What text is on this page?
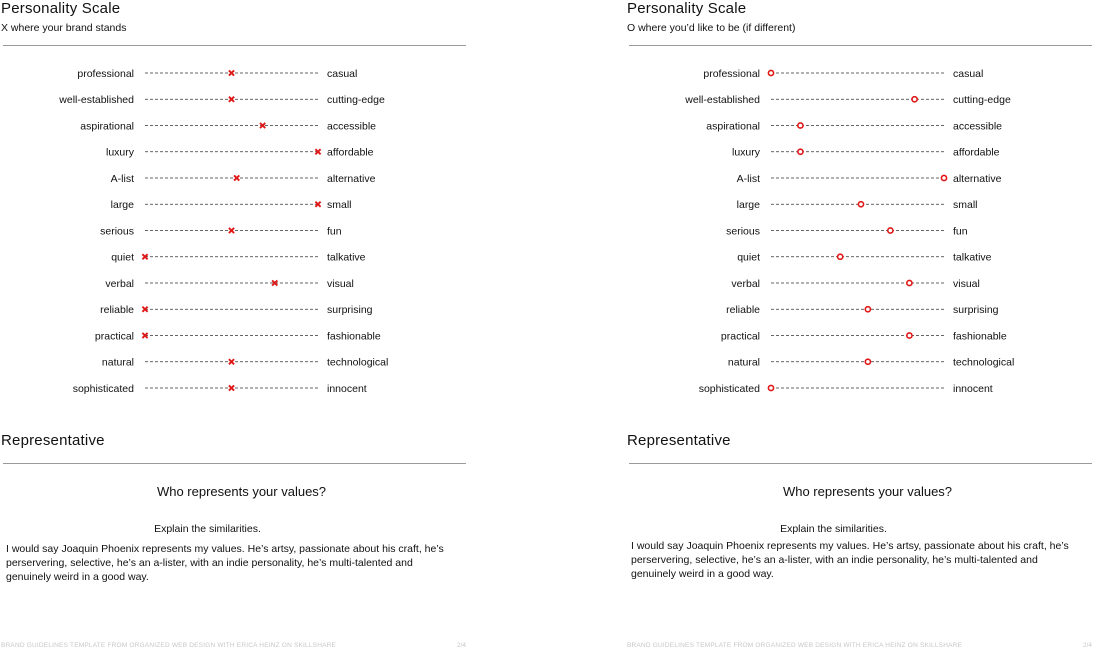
Personality Scale
X where your brand stands
professional	casual
well-established	cutting-edge
aspirational	accessible
luxury	affordable
A-list	alternative
large	small
serious	fun
quiet	talkative
verbal	visual
reliable	surprising
practical	fashionable
natural	technological
sophisticated	innocent
Representative
Who represents your values?
Explain the similarities.
I would say Joaquin Phoenix represents my values. He’s artsy, passionate about his craft, he’s perservering, selective, he’s an a-lister, with an indie personality, he’s multi-talented and genuinely weird in a good way.
BRAND GUIDELINES TEMPLATE FROM ORGANIZED WEB DESIGN WITH ERICA HEINZ ON SKILLSHARE	2/4
Personality Scale
O where you’d like to be (if different)
professional	casual
well-established	cutting-edge
aspirational	accessible
luxury	affordable
A-list	alternative
large	small
serious	fun
quiet	talkative
verbal	visual
reliable	surprising
practical	fashionable
natural	technological
sophisticated	innocent
Representative
Who represents your values?
Explain the similarities.
I would say Joaquin Phoenix represents my values. He’s artsy, passionate about his craft, he’s perservering, selective, he’s an a-lister, with an indie personality, he’s multi-talented and genuinely weird in a good way.
BRAND GUIDELINES TEMPLATE FROM ORGANIZED WEB DESIGN WITH ERICA HEINZ ON SKILLSHARE	2/4
